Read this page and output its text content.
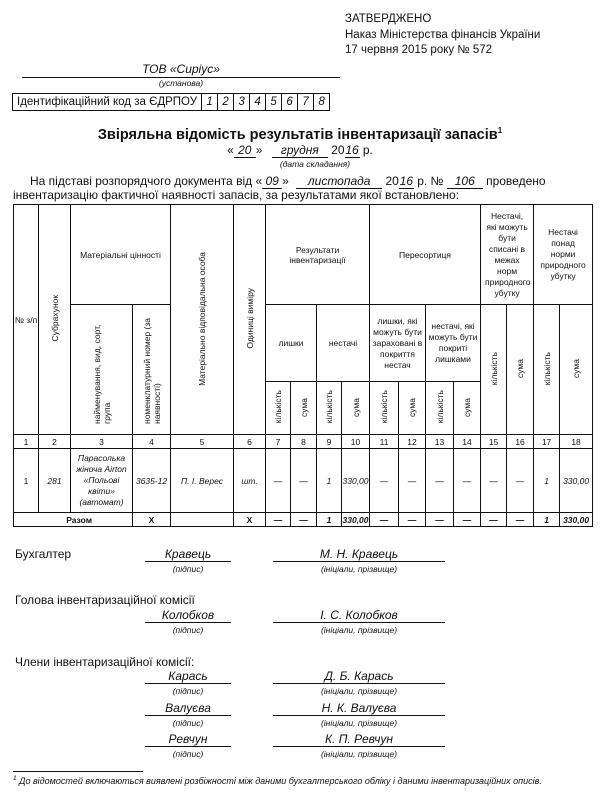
ЗАТВЕРДЖЕНО
Наказ Міністерства фінансів України
17 червня 2015 року № 572
ТОВ «Сиріус»
(установа)
Ідентифікаційний код за ЄДРПОУ	1	2	3	4	5	6	7	8
Звіряльна відомість результатів інвентаризації запасів$^1$
« 20 » грудня 2016 р.
(дата складання)
На підставі розпорядчого документа від « 09 » листопада 2016 р. № 106 проведено
інвентаризацію фактичної наявності запасів, за результатами якої встановлено:
№ з/п	Субрахунок	Матеріальні цінності		Матеріально відповідальна особа	Одиниці виміру	Результати інвентаризації				Пересортиця				Нестачі, які можуть бути списані в межах норм природного убутку		Нестачі понад норми природного убутку	
		найменування, вид, сорт, група	номенклатурний номер (за наявності)			лишки		нестачі		лишки, які можуть бути зараховані в покриття нестач		нестачі, які можуть бути покриті лишками		кількість	сума	кількість	сума
						кількість	сума	кількість	сума	кількість	сума	кількість	сума				
1	2	3	4	5	6	7	8	9	10	11	12	13	14	15	16	17	18
1	281	Парасолька жіноча Airton «Польові квіти» (автомат)	3635-12	П. І. Верес	шт.	—	—	1	330,00	—	—	—	—	—	—	1	330,00
Разом			X		X	—	—	1	330,00	—	—	—	—	—	—	1	330,00
Бухгалтер	Кравець	М. Н. Кравець
(підпис)	(ініціали, прізвище)
Голова інвентаризаційної комісії
Колобков	І. С. Колобков
(підпис)	(ініціали, прізвище)
Члени інвентаризаційної комісії:
Карась	Д. Б. Карась
(підпис)	(ініціали, прізвище)
Валуєва	Н. К. Валуєва
(підпис)	(ініціали, прізвище)
Ревчун	К. П. Ревчун
(підпис)	(ініціали, прізвище)
$^1$ До відомостей включаються виявлені розбіжності між даними бухгалтерського обліку і даними інвентаризаційних описів.
